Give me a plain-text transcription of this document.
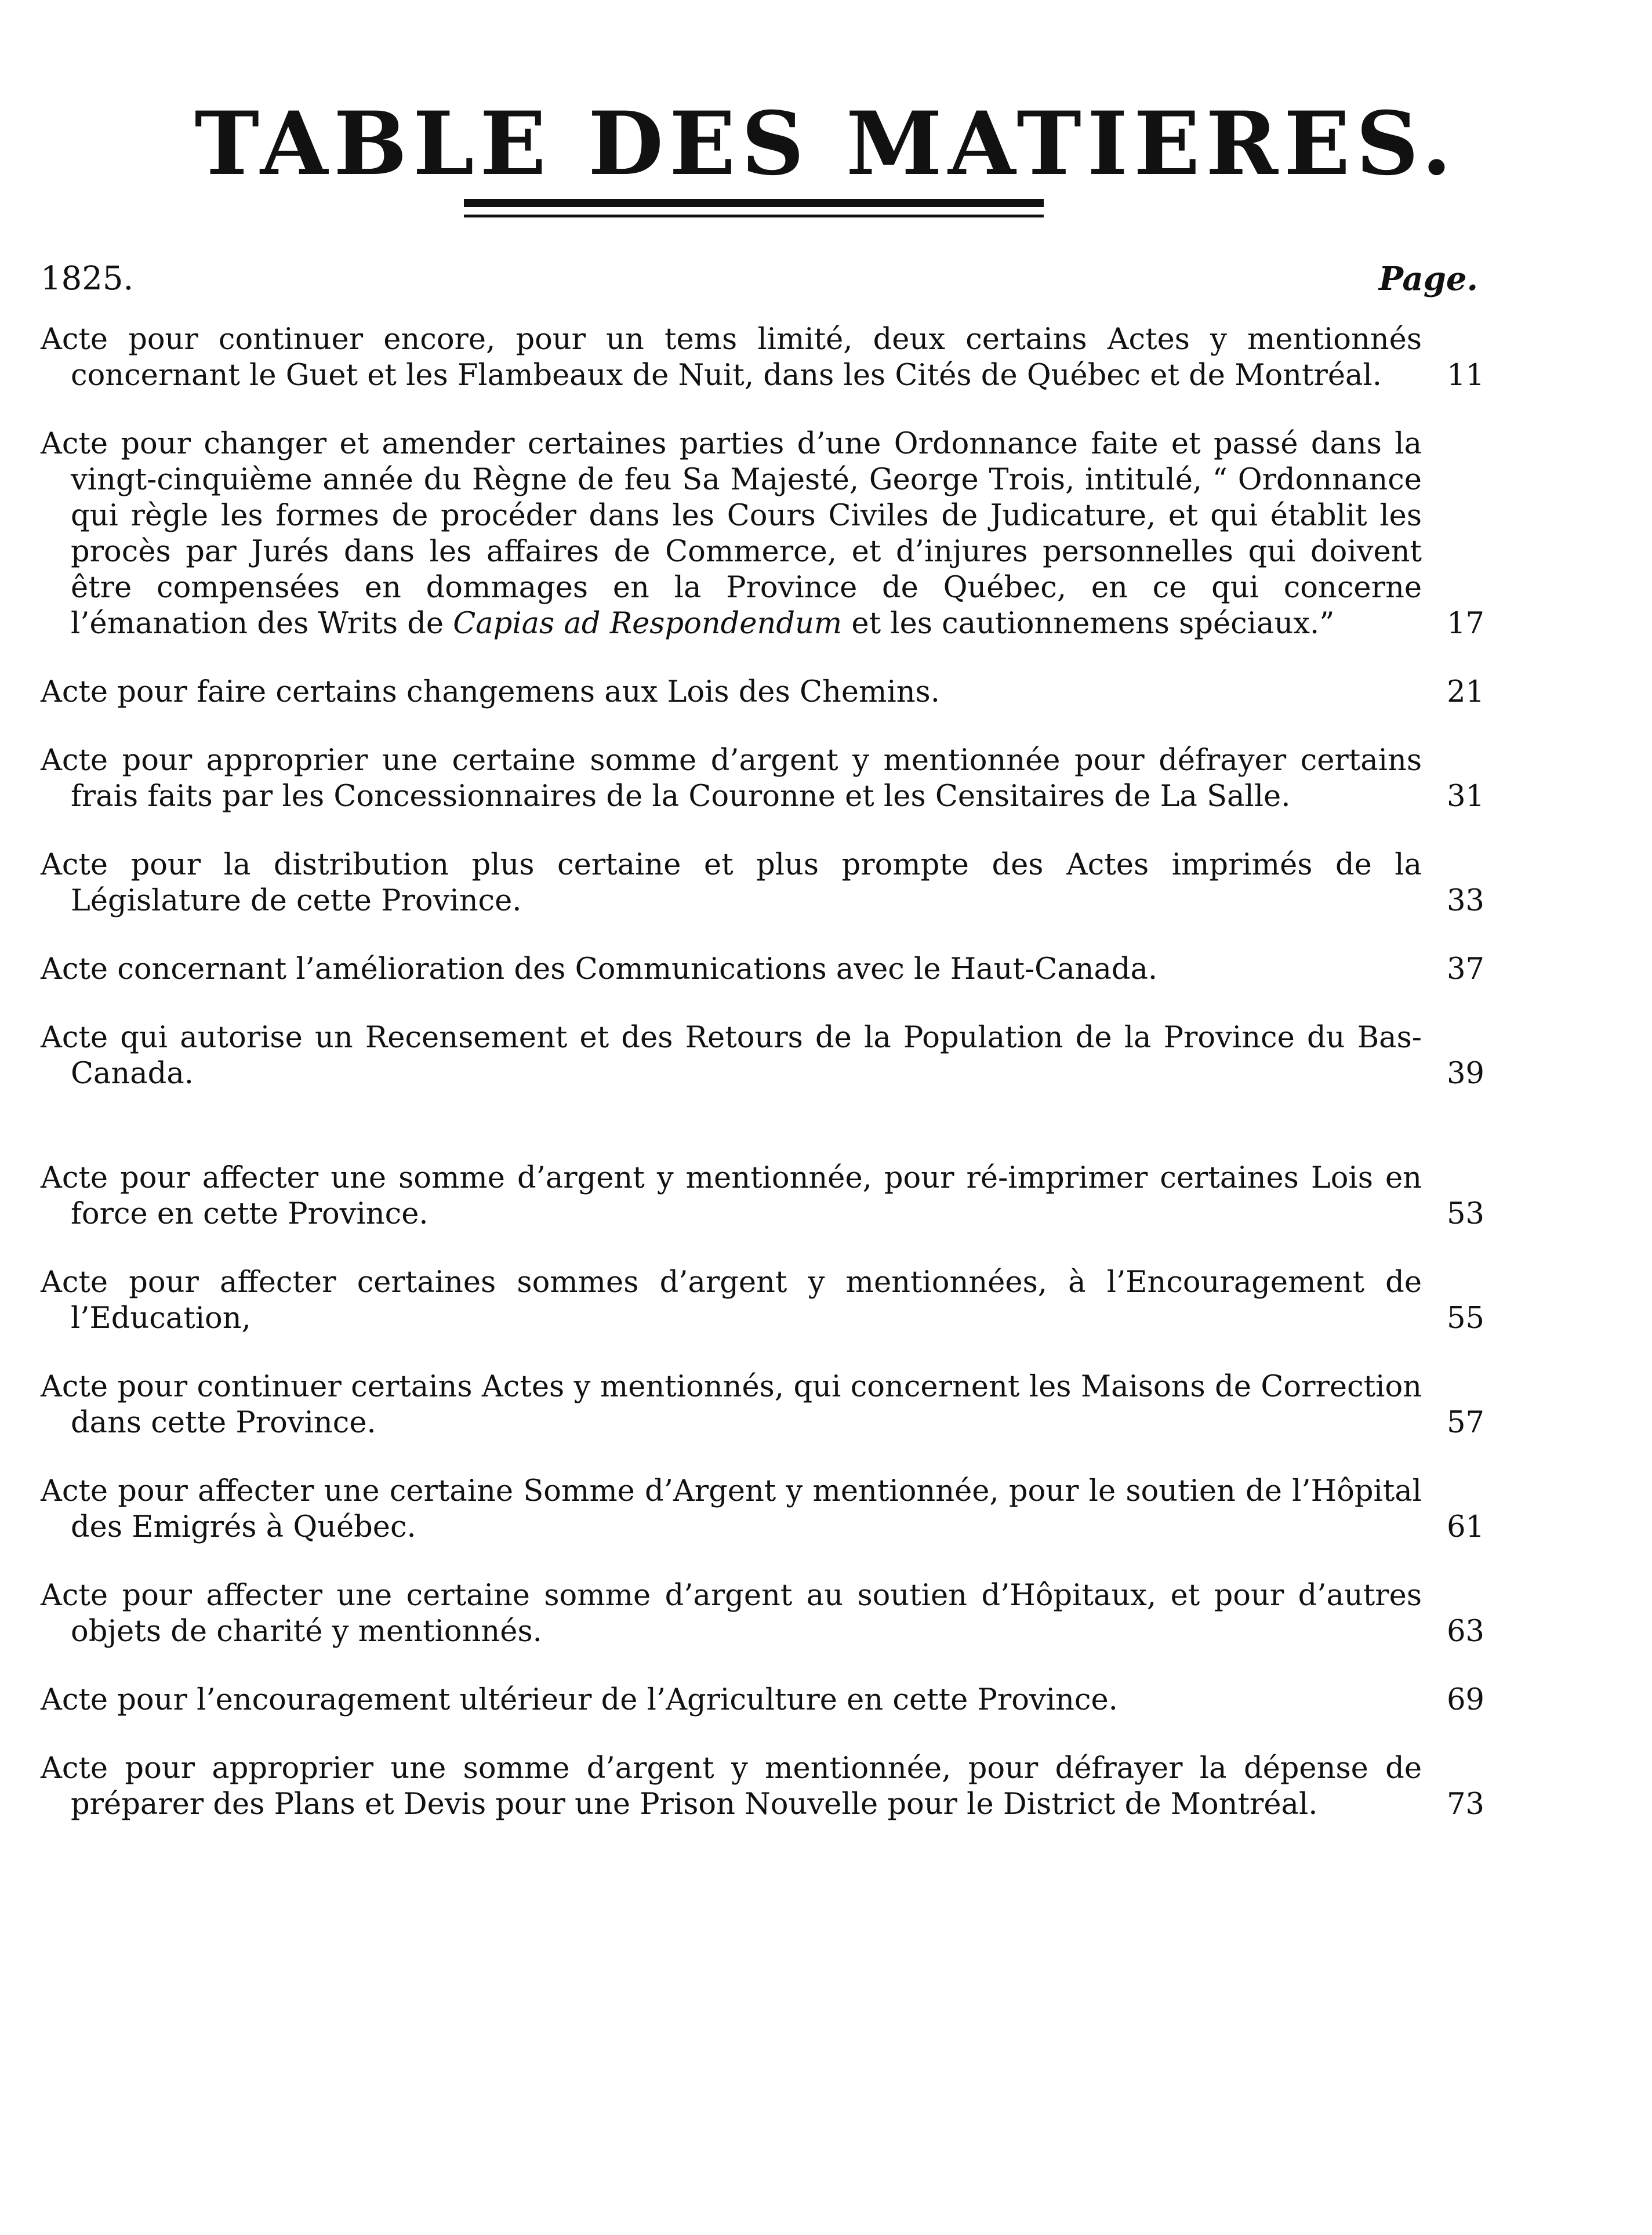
TABLE DES MATIERES.
1825.	Page.
Acte pour continuer encore, pour un tems limité, deux certains Actes y mentionnés concernant le Guet et les Flambeaux de Nuit, dans les Cités de Québec et de Montréal.	11
Acte pour changer et amender certaines parties d’une Ordonnance faite et passé dans la vingt-cinquième année du Règne de feu Sa Majesté, George Trois, intitulé, “ Ordonnance qui règle les formes de procéder dans les Cours Civiles de Judicature, et qui établit les procès par Jurés dans les affaires de Commerce, et d’injures personnelles qui doivent être compensées en dommages en la Province de Québec, en ce qui concerne l’émanation des Writs de Capias ad Respondendum et les cautionnemens spéciaux.”	17
Acte pour faire certains changemens aux Lois des Chemins.	21
Acte pour approprier une certaine somme d’argent y mentionnée pour défrayer certains frais faits par les Concessionnaires de la Couronne et les Censitaires de La Salle.	31
Acte pour la distribution plus certaine et plus prompte des Actes imprimés de la Législature de cette Province.	33
Acte concernant l’amélioration des Communications avec le Haut-Canada.	37
Acte qui autorise un Recensement et des Retours de la Population de la Province du Bas-Canada.	39
Acte pour affecter une somme d’argent y mentionnée, pour ré-imprimer certaines Lois en force en cette Province.	53
Acte pour affecter certaines sommes d’argent y mentionnées, à l’Encouragement de l’Education,	55
Acte pour continuer certains Actes y mentionnés, qui concernent les Maisons de Correction dans cette Province.	57
Acte pour affecter une certaine Somme d’Argent y mentionnée, pour le soutien de l’Hôpital des Emigrés à Québec.	61
Acte pour affecter une certaine somme d’argent au soutien d’Hôpitaux, et pour d’autres objets de charité y mentionnés.	63
Acte pour l’encouragement ultérieur de l’Agriculture en cette Province.	69
Acte pour approprier une somme d’argent y mentionnée, pour défrayer la dépense de préparer des Plans et Devis pour une Prison Nouvelle pour le District de Montréal.	73
